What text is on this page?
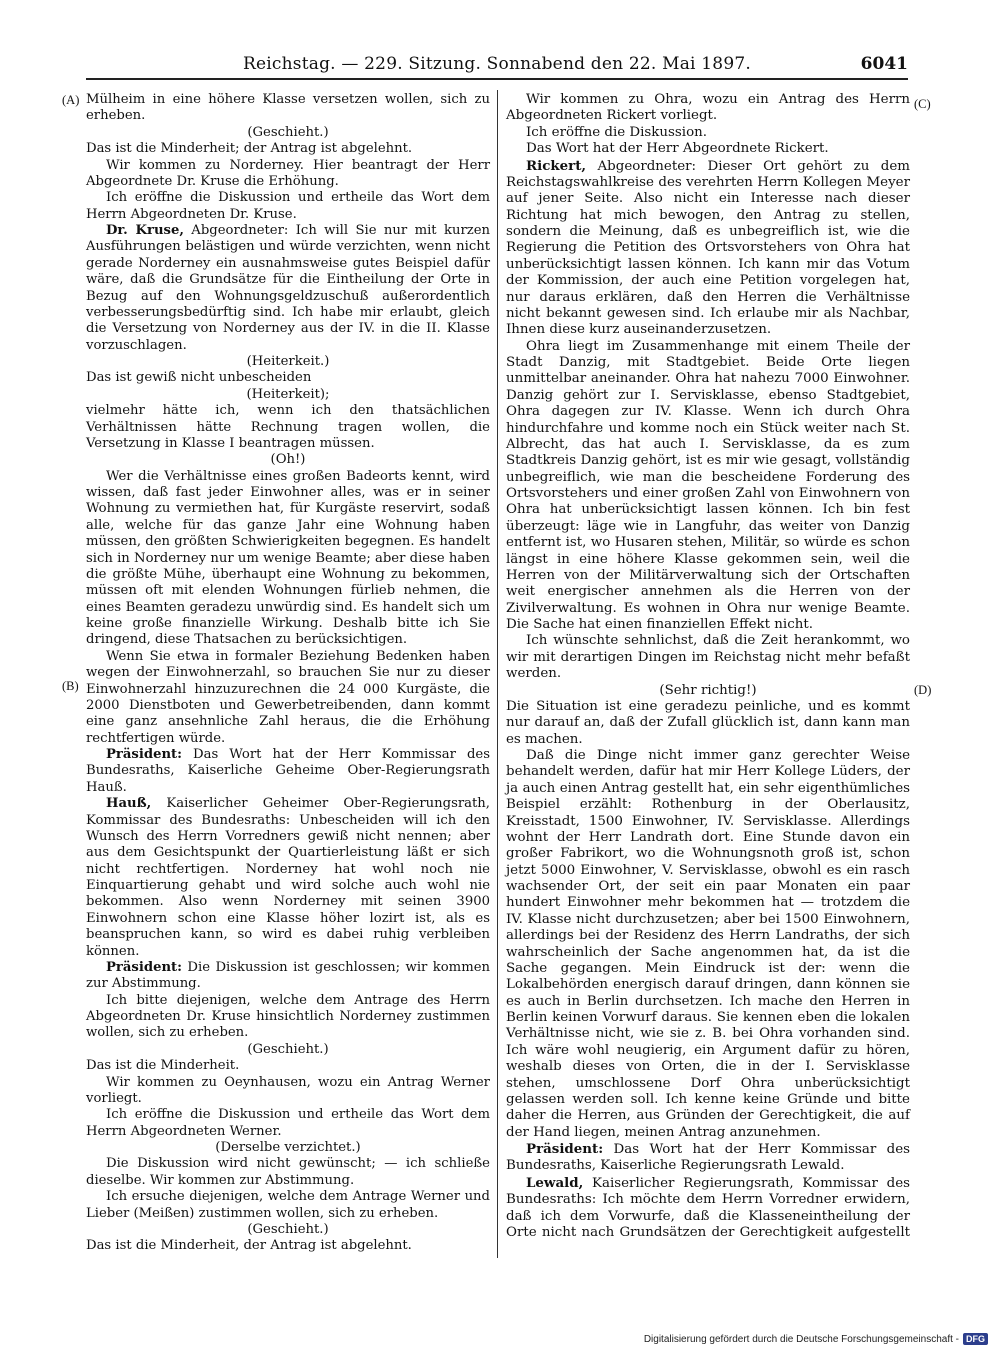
Reichstag. — 229. Sitzung. Sonnabend den 22. Mai 1897.	6041
(A)
(B)
(C)
(D)

Mülheim in eine höhere Klasse versetzen wollen, sich zu erheben.

(Geschieht.)

Das ist die Minderheit; der Antrag ist abgelehnt.

Wir kommen zu Norderney. Hier beantragt der Herr Abgeordnete Dr. Kruse die Erhöhung.

Ich eröffne die Diskussion und ertheile das Wort dem Herrn Abgeordneten Dr. Kruse.

Dr. Kruse, Abgeordneter: Ich will Sie nur mit kurzen Ausführungen belästigen und würde verzichten, wenn nicht gerade Norderney ein ausnahmsweise gutes Beispiel dafür wäre, daß die Grundsätze für die Eintheilung der Orte in Bezug auf den Wohnungsgeldzuschuß außerordentlich verbesserungsbedürftig sind. Ich habe mir erlaubt, gleich die Versetzung von Norderney aus der IV. in die II. Klasse vorzuschlagen.

(Heiterkeit.)

Das ist gewiß nicht unbescheiden

(Heiterkeit);

vielmehr hätte ich, wenn ich den thatsächlichen Verhältnissen hätte Rechnung tragen wollen, die Versetzung in Klasse I beantragen müssen.

(Oh!)

Wer die Verhältnisse eines großen Badeorts kennt, wird wissen, daß fast jeder Einwohner alles, was er in seiner Wohnung zu vermiethen hat, für Kurgäste reservirt, sodaß alle, welche für das ganze Jahr eine Wohnung haben müssen, den größten Schwierigkeiten begegnen. Es handelt sich in Norderney nur um wenige Beamte; aber diese haben die größte Mühe, überhaupt eine Wohnung zu bekommen, müssen oft mit elenden Wohnungen fürlieb nehmen, die eines Beamten geradezu unwürdig sind. Es handelt sich um keine große finanzielle Wirkung. Deshalb bitte ich Sie dringend, diese Thatsachen zu berücksichtigen.

Wenn Sie etwa in formaler Beziehung Bedenken haben wegen der Einwohnerzahl, so brauchen Sie nur zu dieser Einwohnerzahl hinzuzurechnen die 24 000 Kurgäste, die 2000 Dienstboten und Gewerbetreibenden, dann kommt eine ganz ansehnliche Zahl heraus, die die Erhöhung rechtfertigen würde.

Präsident: Das Wort hat der Herr Kommissar des Bundesraths, Kaiserliche Geheime Ober-Regierungsrath Hauß.

Hauß, Kaiserlicher Geheimer Ober-Regierungsrath, Kommissar des Bundesraths: Unbescheiden will ich den Wunsch des Herrn Vorredners gewiß nicht nennen; aber aus dem Gesichtspunkt der Quartierleistung läßt er sich nicht rechtfertigen. Norderney hat wohl noch nie Einquartierung gehabt und wird solche auch wohl nie bekommen. Also wenn Norderney mit seinen 3900 Einwohnern schon eine Klasse höher lozirt ist, als es beanspruchen kann, so wird es dabei ruhig verbleiben können.

Präsident: Die Diskussion ist geschlossen; wir kommen zur Abstimmung.

Ich bitte diejenigen, welche dem Antrage des Herrn Abgeordneten Dr. Kruse hinsichtlich Norderney zustimmen wollen, sich zu erheben.

(Geschieht.)

Das ist die Minderheit.

Wir kommen zu Oeynhausen, wozu ein Antrag Werner vorliegt.

Ich eröffne die Diskussion und ertheile das Wort dem Herrn Abgeordneten Werner.

(Derselbe verzichtet.)

Die Diskussion wird nicht gewünscht; — ich schließe dieselbe. Wir kommen zur Abstimmung.

Ich ersuche diejenigen, welche dem Antrage Werner und Lieber (Meißen) zustimmen wollen, sich zu erheben.

(Geschieht.)

Das ist die Minderheit, der Antrag ist abgelehnt.

Wir kommen zu Ohra, wozu ein Antrag des Herrn Abgeordneten Rickert vorliegt.

Ich eröffne die Diskussion.

Das Wort hat der Herr Abgeordnete Rickert.

Rickert, Abgeordneter: Dieser Ort gehört zu dem Reichstagswahlkreise des verehrten Herrn Kollegen Meyer auf jener Seite. Also nicht ein Interesse nach dieser Richtung hat mich bewogen, den Antrag zu stellen, sondern die Meinung, daß es unbegreiflich ist, wie die Regierung die Petition des Ortsvorstehers von Ohra hat unberücksichtigt lassen können. Ich kann mir das Votum der Kommission, der auch eine Petition vorgelegen hat, nur daraus erklären, daß den Herren die Verhältnisse nicht bekannt gewesen sind. Ich erlaube mir als Nachbar, Ihnen diese kurz auseinanderzusetzen.

Ohra liegt im Zusammenhange mit einem Theile der Stadt Danzig, mit Stadtgebiet. Beide Orte liegen unmittelbar aneinander. Ohra hat nahezu 7000 Einwohner. Danzig gehört zur I. Servisklasse, ebenso Stadtgebiet, Ohra dagegen zur IV. Klasse. Wenn ich durch Ohra hindurchfahre und komme noch ein Stück weiter nach St. Albrecht, das hat auch I. Servisklasse, da es zum Stadtkreis Danzig gehört, ist es mir wie gesagt, vollständig unbegreiflich, wie man die bescheidene Forderung des Ortsvorstehers und einer großen Zahl von Einwohnern von Ohra hat unberücksichtigt lassen können. Ich bin fest überzeugt: läge wie in Langfuhr, das weiter von Danzig entfernt ist, wo Husaren stehen, Militär, so würde es schon längst in eine höhere Klasse gekommen sein, weil die Herren von der Militärverwaltung sich der Ortschaften weit energischer annehmen als die Herren von der Zivilverwaltung. Es wohnen in Ohra nur wenige Beamte. Die Sache hat einen finanziellen Effekt nicht.

Ich wünschte sehnlichst, daß die Zeit herankommt, wo wir mit derartigen Dingen im Reichstag nicht mehr befaßt werden.

(Sehr richtig!)

Die Situation ist eine geradezu peinliche, und es kommt nur darauf an, daß der Zufall glücklich ist, dann kann man es machen.

Daß die Dinge nicht immer ganz gerechter Weise behandelt werden, dafür hat mir Herr Kollege Lüders, der ja auch einen Antrag gestellt hat, ein sehr eigenthümliches Beispiel erzählt: Rothenburg in der Oberlausitz, Kreisstadt, 1500 Einwohner, IV. Servisklasse. Allerdings wohnt der Herr Landrath dort. Eine Stunde davon ein großer Fabrikort, wo die Wohnungsnoth groß ist, schon jetzt 5000 Einwohner, V. Servisklasse, obwohl es ein rasch wachsender Ort, der seit ein paar Monaten ein paar hundert Einwohner mehr bekommen hat — trotzdem die IV. Klasse nicht durchzusetzen; aber bei 1500 Einwohnern, allerdings bei der Residenz des Herrn Landraths, der sich wahrscheinlich der Sache angenommen hat, da ist die Sache gegangen. Mein Eindruck ist der: wenn die Lokalbehörden energisch darauf dringen, dann können sie es auch in Berlin durchsetzen. Ich mache den Herren in Berlin keinen Vorwurf daraus. Sie kennen eben die lokalen Verhältnisse nicht, wie sie z. B. bei Ohra vorhanden sind. Ich wäre wohl neugierig, ein Argument dafür zu hören, weshalb dieses von Orten, die in der I. Servisklasse stehen, umschlossene Dorf Ohra unberücksichtigt gelassen werden soll. Ich kenne keine Gründe und bitte daher die Herren, aus Gründen der Gerechtigkeit, die auf der Hand liegen, meinen Antrag anzunehmen.

Präsident: Das Wort hat der Herr Kommissar des Bundesraths, Kaiserliche Regierungsrath Lewald.

Lewald, Kaiserlicher Regierungsrath, Kommissar des Bundesraths: Ich möchte dem Herrn Vorredner erwidern, daß ich dem Vorwurfe, daß die Klasseneintheilung der Orte nicht nach Grundsätzen der Gerechtigkeit aufgestellt

Digitalisierung gefördert durch die Deutsche Forschungsgemeinschaft - DFG
